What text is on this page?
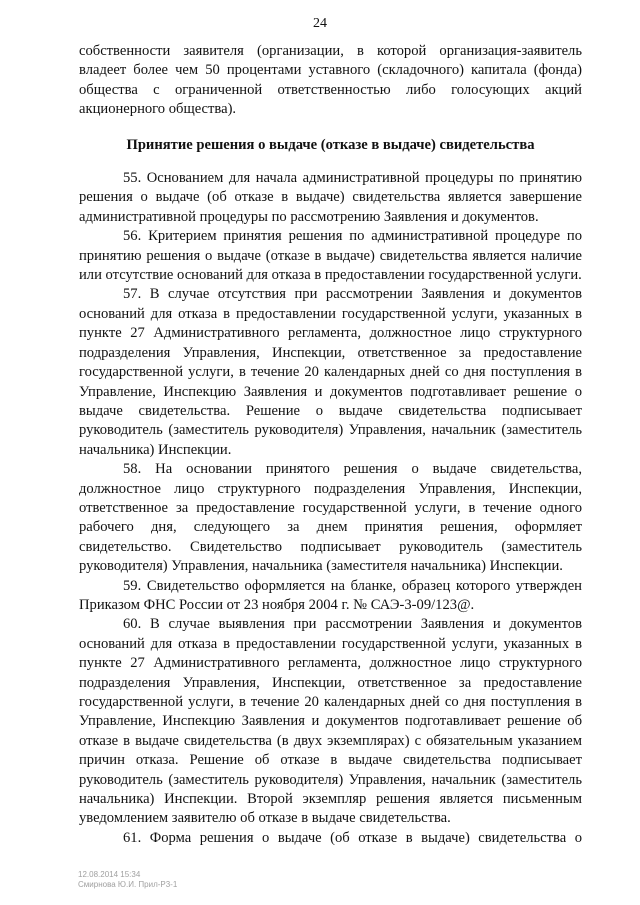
24

собственности заявителя (организации, в которой организация-заявитель владеет более чем 50 процентами уставного (складочного) капитала (фонда) общества с ограниченной ответственностью либо голосующих акций акционерного общества).

Принятие решения о выдаче (отказе в выдаче) свидетельства

55. Основанием для начала административной процедуры по принятию решения о выдаче (об отказе в выдаче) свидетельства является завершение административной процедуры по рассмотрению Заявления и документов.

56. Критерием принятия решения по административной процедуре по принятию решения о выдаче (отказе в выдаче) свидетельства является наличие или отсутствие оснований для отказа в предоставлении государственной услуги.

57. В случае отсутствия при рассмотрении Заявления и документов оснований для отказа в предоставлении государственной услуги, указанных в пункте 27 Административного регламента, должностное лицо структурного подразделения Управления, Инспекции, ответственное за предоставление государственной услуги, в течение 20 календарных дней со дня поступления в Управление, Инспекцию Заявления и документов подготавливает решение о выдаче свидетельства. Решение о выдаче свидетельства подписывает руководитель (заместитель руководителя) Управления, начальник (заместитель начальника) Инспекции.

58. На основании принятого решения о выдаче свидетельства, должностное лицо структурного подразделения Управления, Инспекции, ответственное за предоставление государственной услуги, в течение одного рабочего дня, следующего за днем принятия решения, оформляет свидетельство. Свидетельство подписывает руководитель (заместитель руководителя) Управления, начальника (заместителя начальника) Инспекции.

59. Свидетельство оформляется на бланке, образец которого утвержден Приказом ФНС России от 23 ноября 2004 г. № САЭ-3-09/123@.

60. В случае выявления при рассмотрении Заявления и документов оснований для отказа в предоставлении государственной услуги, указанных в пункте 27 Административного регламента, должностное лицо структурного подразделения Управления, Инспекции, ответственное за предоставление государственной услуги, в течение 20 календарных дней со дня поступления в Управление, Инспекцию Заявления и документов подготавливает решение об отказе в выдаче свидетельства (в двух экземплярах) с обязательным указанием причин отказа. Решение об отказе в выдаче свидетельства подписывает руководитель (заместитель руководителя) Управления, начальник (заместитель начальника) Инспекции. Второй экземпляр решения является письменным уведомлением заявителю об отказе в выдаче свидетельства.

61. Форма решения о выдаче (об отказе в выдаче) свидетельства о

12.08.2014 15:34
Смирнова Ю.И. Прил-Р3-1
